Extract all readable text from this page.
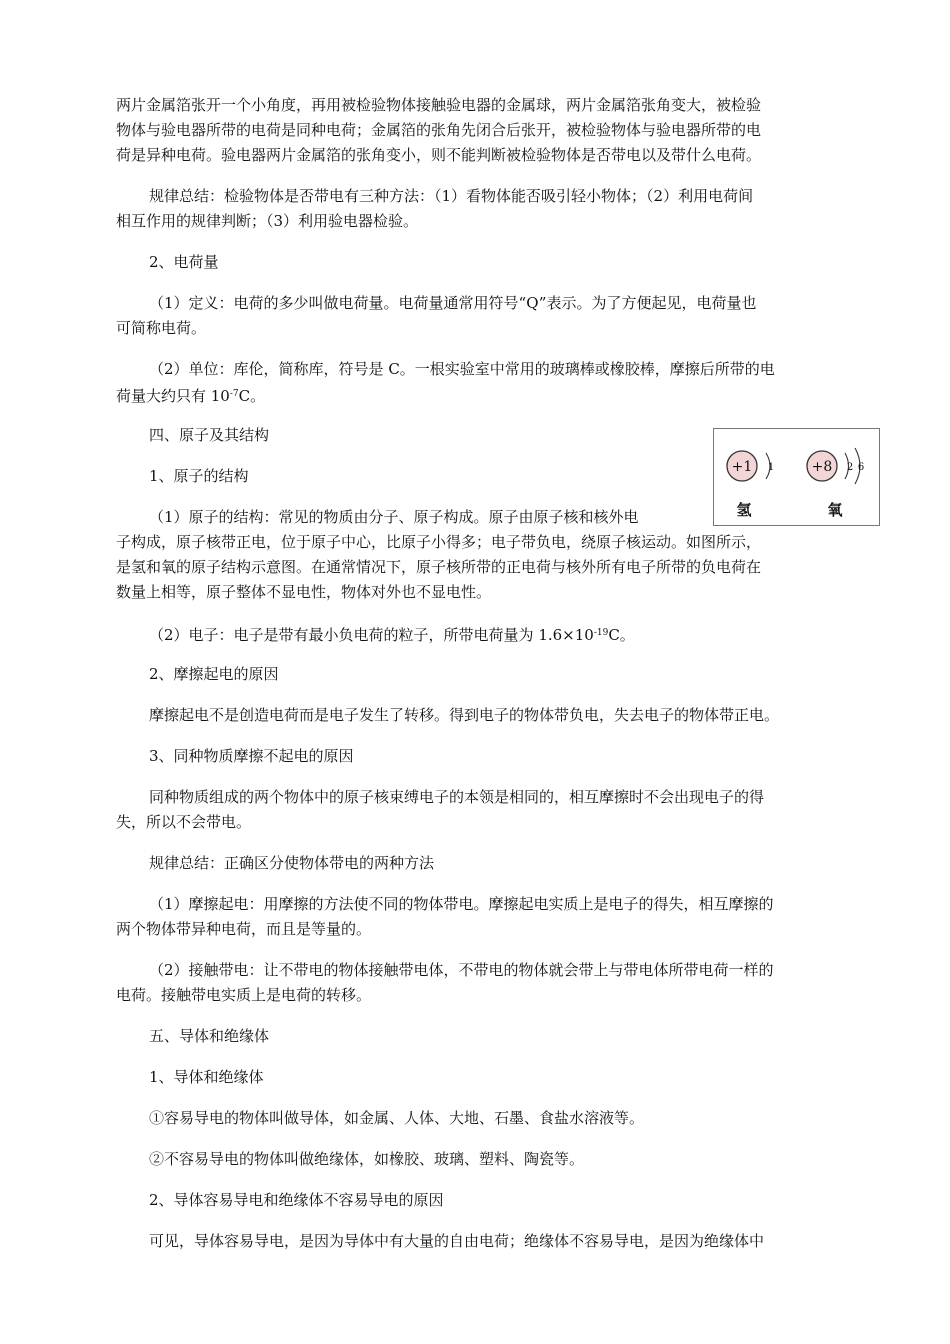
两片金属箔张开一个小角度，再用被检验物体接触验电器的金属球，两片金属箔张角变大，被检验
物体与验电器所带的电荷是同种电荷；金属箔的张角先闭合后张开，被检验物体与验电器所带的电
荷是异种电荷。验电器两片金属箔的张角变小，则不能判断被检验物体是否带电以及带什么电荷。
规律总结：检验物体是否带电有三种方法：（1）看物体能否吸引轻小物体；（2）利用电荷间
相互作用的规律判断；（3）利用验电器检验。
2、电荷量
（1）定义：电荷的多少叫做电荷量。电荷量通常用符号“Q”表示。为了方便起见，电荷量也
可简称电荷。
（2）单位：库伦，简称库，符号是 C。一根实验室中常用的玻璃棒或橡胶棒，摩擦后所带的电
荷量大约只有 $10^{-7}C$。
四、原子及其结构
1、原子的结构
（1）原子的结构：常见的物质由分子、原子构成。原子由原子核和核外电
子构成，原子核带正电，位于原子中心，比原子小得多；电子带负电，绕原子核运动。如图所示，
是氢和氧的原子结构示意图。在通常情况下，原子核所带的正电荷与核外所有电子所带的负电荷在
数量上相等，原子整体不显电性，物体对外也不显电性。
（2）电子：电子是带有最小负电荷的粒子，所带电荷量为 $1.6\times 10^{-19}C$。
2、摩擦起电的原因
摩擦起电不是创造电荷而是电子发生了转移。得到电子的物体带负电，失去电子的物体带正电。
3、同种物质摩擦不起电的原因
同种物质组成的两个物体中的原子核束缚电子的本领是相同的，相互摩擦时不会出现电子的得
失，所以不会带电。
规律总结：正确区分使物体带电的两种方法
（1）摩擦起电：用摩擦的方法使不同的物体带电。摩擦起电实质上是电子的得失，相互摩擦的
两个物体带异种电荷，而且是等量的。
（2）接触带电：让不带电的物体接触带电体，不带电的物体就会带上与带电体所带电荷一样的
电荷。接触带电实质上是电荷的转移。
五、导体和绝缘体
1、导体和绝缘体
①容易导电的物体叫做导体，如金属、人体、大地、石墨、食盐水溶液等。
②不容易导电的物体叫做绝缘体，如橡胶、玻璃、塑料、陶瓷等。
2、导体容易导电和绝缘体不容易导电的原因
可见，导体容易导电，是因为导体中有大量的自由电荷；绝缘体不容易导电，是因为绝缘体中
+1 1	+8 2 6
氢	氧
